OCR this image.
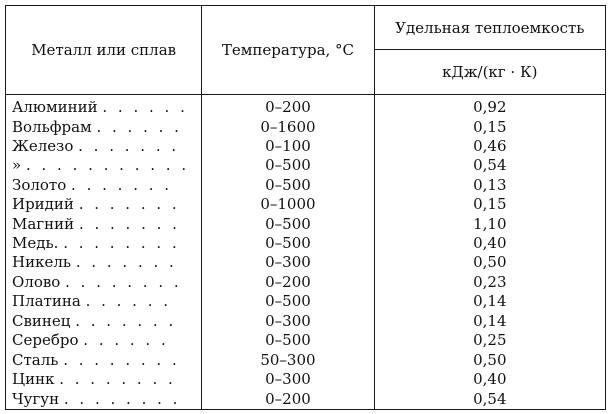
Металл или сплав	Температура, °С	Удельная теплоемкость
		кДж/(кг · К)
Алюминий . . . . . .	0–200	0,92
Вольфрам . . . . . .	0–1600	0,15
Железо . . . . . . .	0–100	0,46
» . . . . . . . . . . .	0–500	0,54
Золото . . . . . . .	0–500	0,13
Иридий . . . . . . .	0–1000	0,15
Магний . . . . . . .	0–500	1,10
Медь. . . . . . . . .	0–500	0,40
Никель . . . . . . .	0–300	0,50
Олово . . . . . . . .	0–200	0,23
Платина . . . . . .	0–500	0,14
Свинец . . . . . . .	0–300	0,14
Серебро . . . . . .	0–500	0,25
Сталь . . . . . . . .	50–300	0,50
Цинк . . . . . . . .	0–300	0,40
Чугун . . . . . . . .	0–200	0,54
